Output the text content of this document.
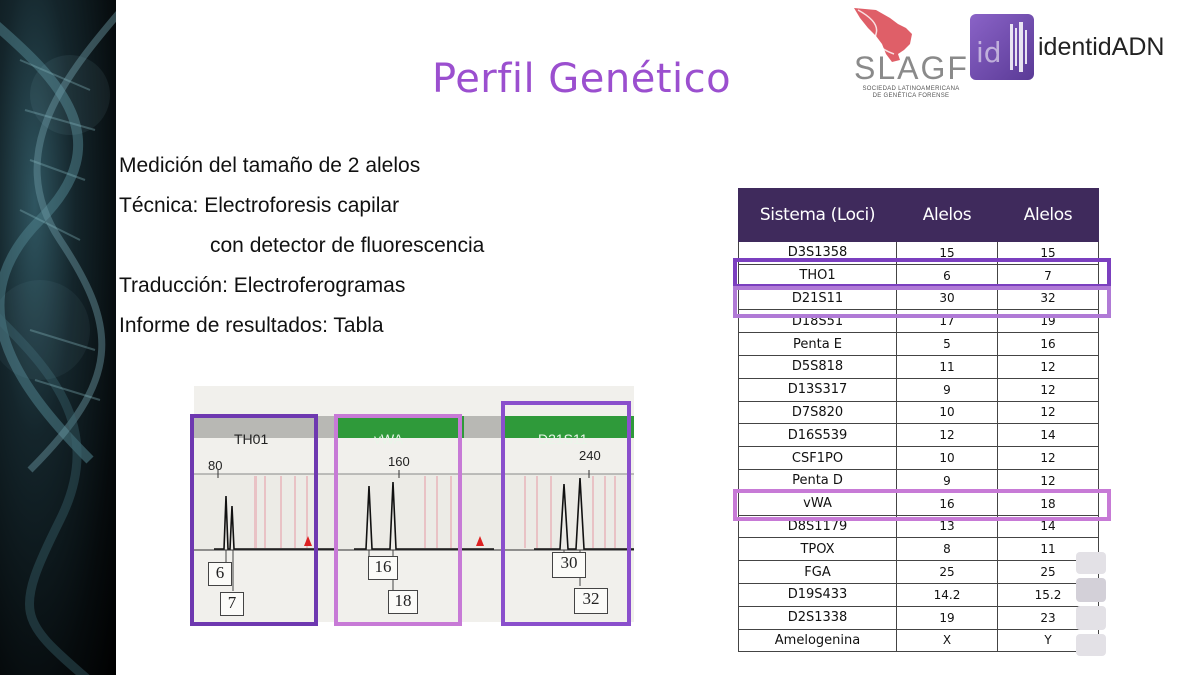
Perfil Genético	SLAGF
SOCIEDAD LATINOAMERICANA
DE GENÉTICA FORENSE
id identidADN
Medición del tamaño de 2 alelos
Técnica: Electroforesis capilar
con detector de fluorescencia
Traducción: Electroferogramas
Informe de resultados: Tabla
TH01	vWA	D21S11
80	160	240
6
7
16
18
30
32
Sistema (Loci)	Alelos	Alelos
D3S1358	15	15
THO1	6	7
D21S11	30	32
D18S51	17	19
Penta E	5	16
D5S818	11	12
D13S317	9	12
D7S820	10	12
D16S539	12	14
CSF1PO	10	12
Penta D	9	12
vWA	16	18
D8S1179	13	14
TPOX	8	11
FGA	25	25
D19S433	14.2	15.2
D2S1338	19	23
Amelogenina	X	Y
